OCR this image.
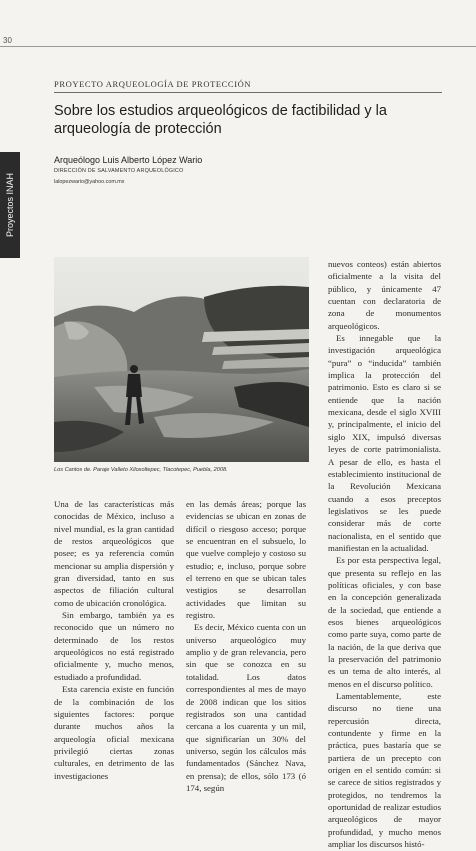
30
Proyectos INAH
PROYECTO ARQUEOLOGÍA DE PROTECCIÓN
Sobre los estudios arqueológicos de factibilidad y la arqueología de protección
Arqueólogo Luis Alberto López Wario
DIRECCIÓN DE SALVAMENTO ARQUEOLÓGICO
lalopezwario@yahoo.com.mx
Los Cantos de. Paraje Valleto Xiloxoltepec, Tlacotepec, Puebla, 2008.

Una de las características más conocidas de México, incluso a nivel mundial, es la gran cantidad de restos arqueológicos que posee; es ya referencia común mencionar su amplia dispersión y gran diversidad, tanto en sus aspectos de filiación cultural como de ubicación cronológica.

Sin embargo, también ya es reconocido que un número no determinado de los restos arqueológicos no está registrado oficialmente y, mucho menos, estudiado a profundidad.

Esta carencia existe en función de la combinación de los siguientes factores: porque durante muchos años la arqueología oficial mexicana privilegió ciertas zonas culturales, en detrimento de las investigaciones

en las demás áreas; porque las evidencias se ubican en zonas de difícil o riesgoso acceso; porque se encuentran en el subsuelo, lo que vuelve complejo y costoso su estudio; e, incluso, porque sobre el terreno en que se ubican tales vestigios se desarrollan actividades que limitan su registro.

Es decir, México cuenta con un universo arqueológico muy amplio y de gran relevancia, pero sin que se conozca en su totalidad. Los datos correspondientes al mes de mayo de 2008 indican que los sitios registrados son una cantidad cercana a los cuarenta y un mil, que significarían un 30% del universo, según los cálculos más fundamentados (Sánchez Nava, en prensa); de ellos, sólo 173 (ó 174, según

nuevos conteos) están abiertos oficialmente a la visita del público, y únicamente 47 cuentan con declaratoria de zona de monumentos arqueológicos.

Es innegable que la investigación arqueológica “pura” o “inducida” también implica la protección del patrimonio. Esto es claro si se entiende que la nación mexicana, desde el siglo XVIII y, principalmente, el inicio del siglo XIX, impulsó diversas leyes de corte patrimonialista. A pesar de ello, es hasta el establecimiento institucional de la Revolución Mexicana cuando a esos preceptos legislativos se les puede considerar más de corte nacionalista, en el sentido que manifiestan en la actualidad.

Es por esta perspectiva legal, que presenta su reflejo en las políticas oficiales, y con base en la concepción generalizada de la sociedad, que entiende a esos bienes arqueológicos como parte suya, como parte de la nación, de la que deriva que la preservación del patrimonio es un tema de alto interés, al menos en el discurso político.

Lamentablemente, este discurso no tiene una repercusión directa, contundente y firme en la práctica, pues bastaría que se partiera de un precepto con origen en el sentido común: si se carece de sitios registrados y protegidos, no tendremos la oportunidad de realizar estudios arqueológicos de mayor profundidad, y mucho menos ampliar los discursos histó-
